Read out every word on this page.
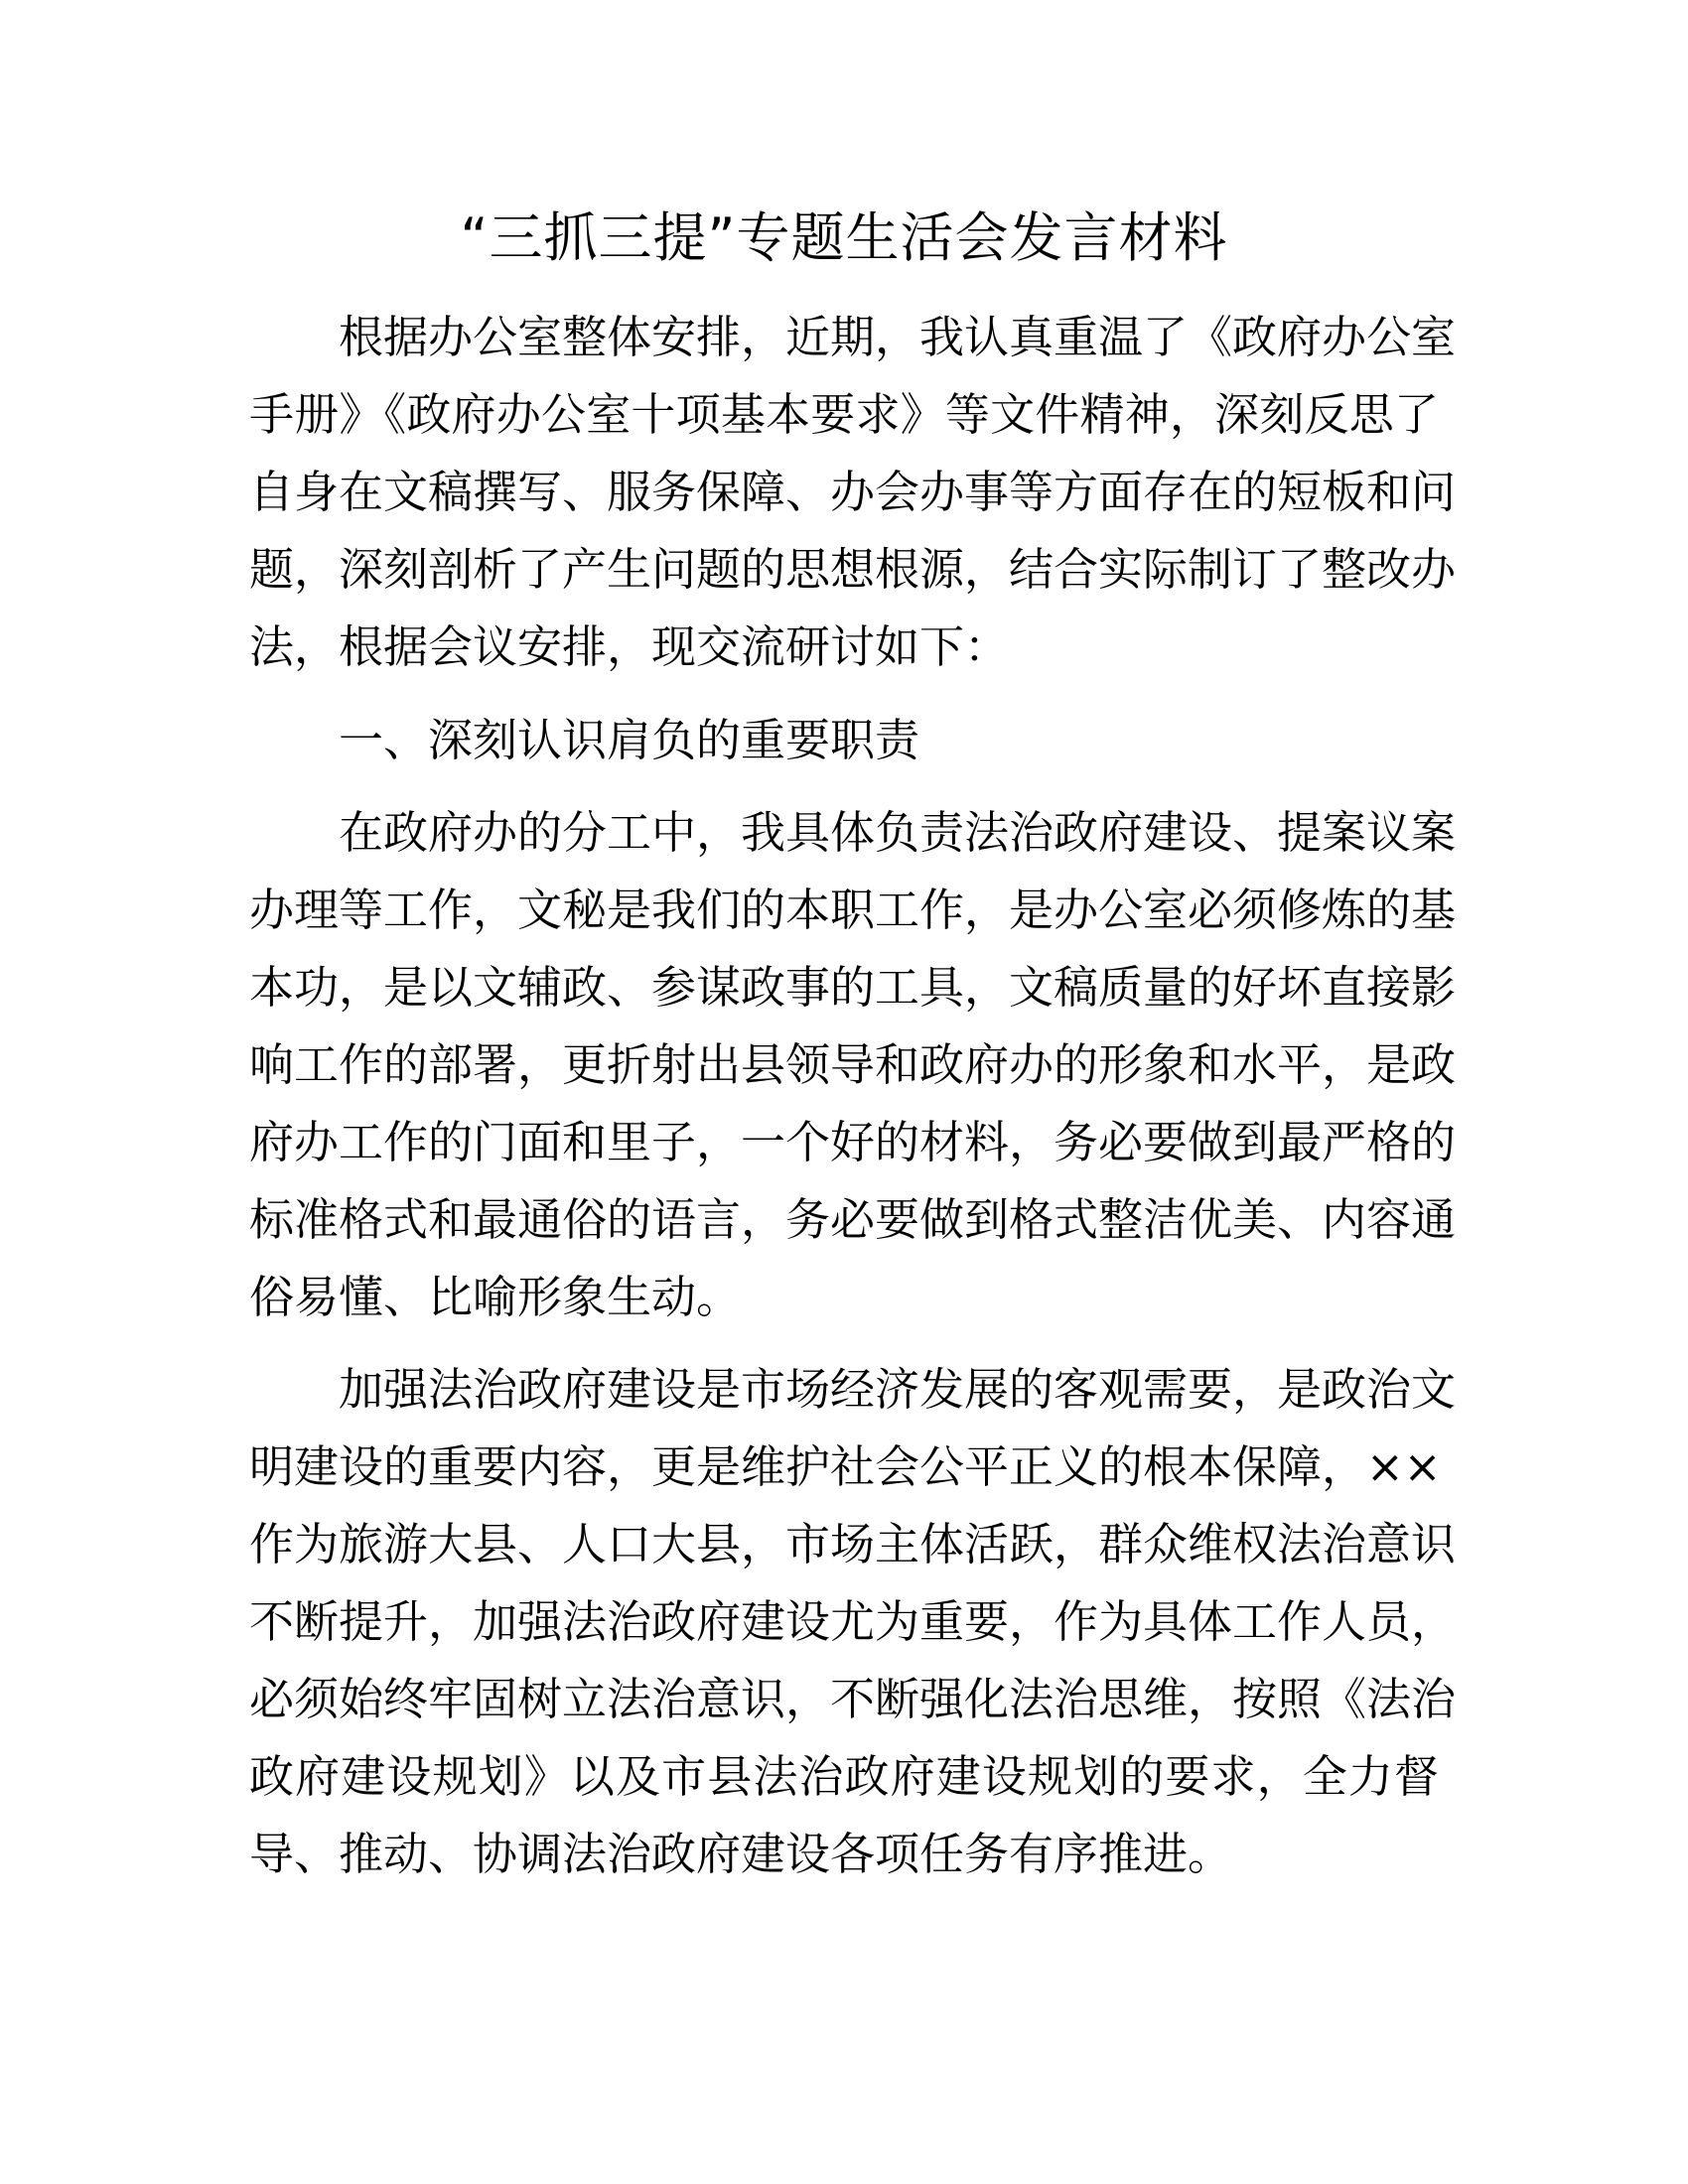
“三抓三提”专题生活会发言材料
根据办公室整体安排，近期，我认真重温了《政府办公室
手册》《政府办公室十项基本要求》等文件精神，深刻反思了
自身在文稿撰写、服务保障、办会办事等方面存在的短板和问
题，深刻剖析了产生问题的思想根源，结合实际制订了整改办
法，根据会议安排，现交流研讨如下：
一、深刻认识肩负的重要职责
在政府办的分工中，我具体负责法治政府建设、提案议案
办理等工作，文秘是我们的本职工作，是办公室必须修炼的基
本功，是以文辅政、参谋政事的工具，文稿质量的好坏直接影
响工作的部署，更折射出县领导和政府办的形象和水平，是政
府办工作的门面和里子，一个好的材料，务必要做到最严格的
标准格式和最通俗的语言，务必要做到格式整洁优美、内容通
俗易懂、比喻形象生动。
加强法治政府建设是市场经济发展的客观需要，是政治文
明建设的重要内容，更是维护社会公平正义的根本保障，××
作为旅游大县、人口大县，市场主体活跃，群众维权法治意识
不断提升，加强法治政府建设尤为重要，作为具体工作人员，
必须始终牢固树立法治意识，不断强化法治思维，按照《法治
政府建设规划》以及市县法治政府建设规划的要求，全力督
导、推动、协调法治政府建设各项任务有序推进。
